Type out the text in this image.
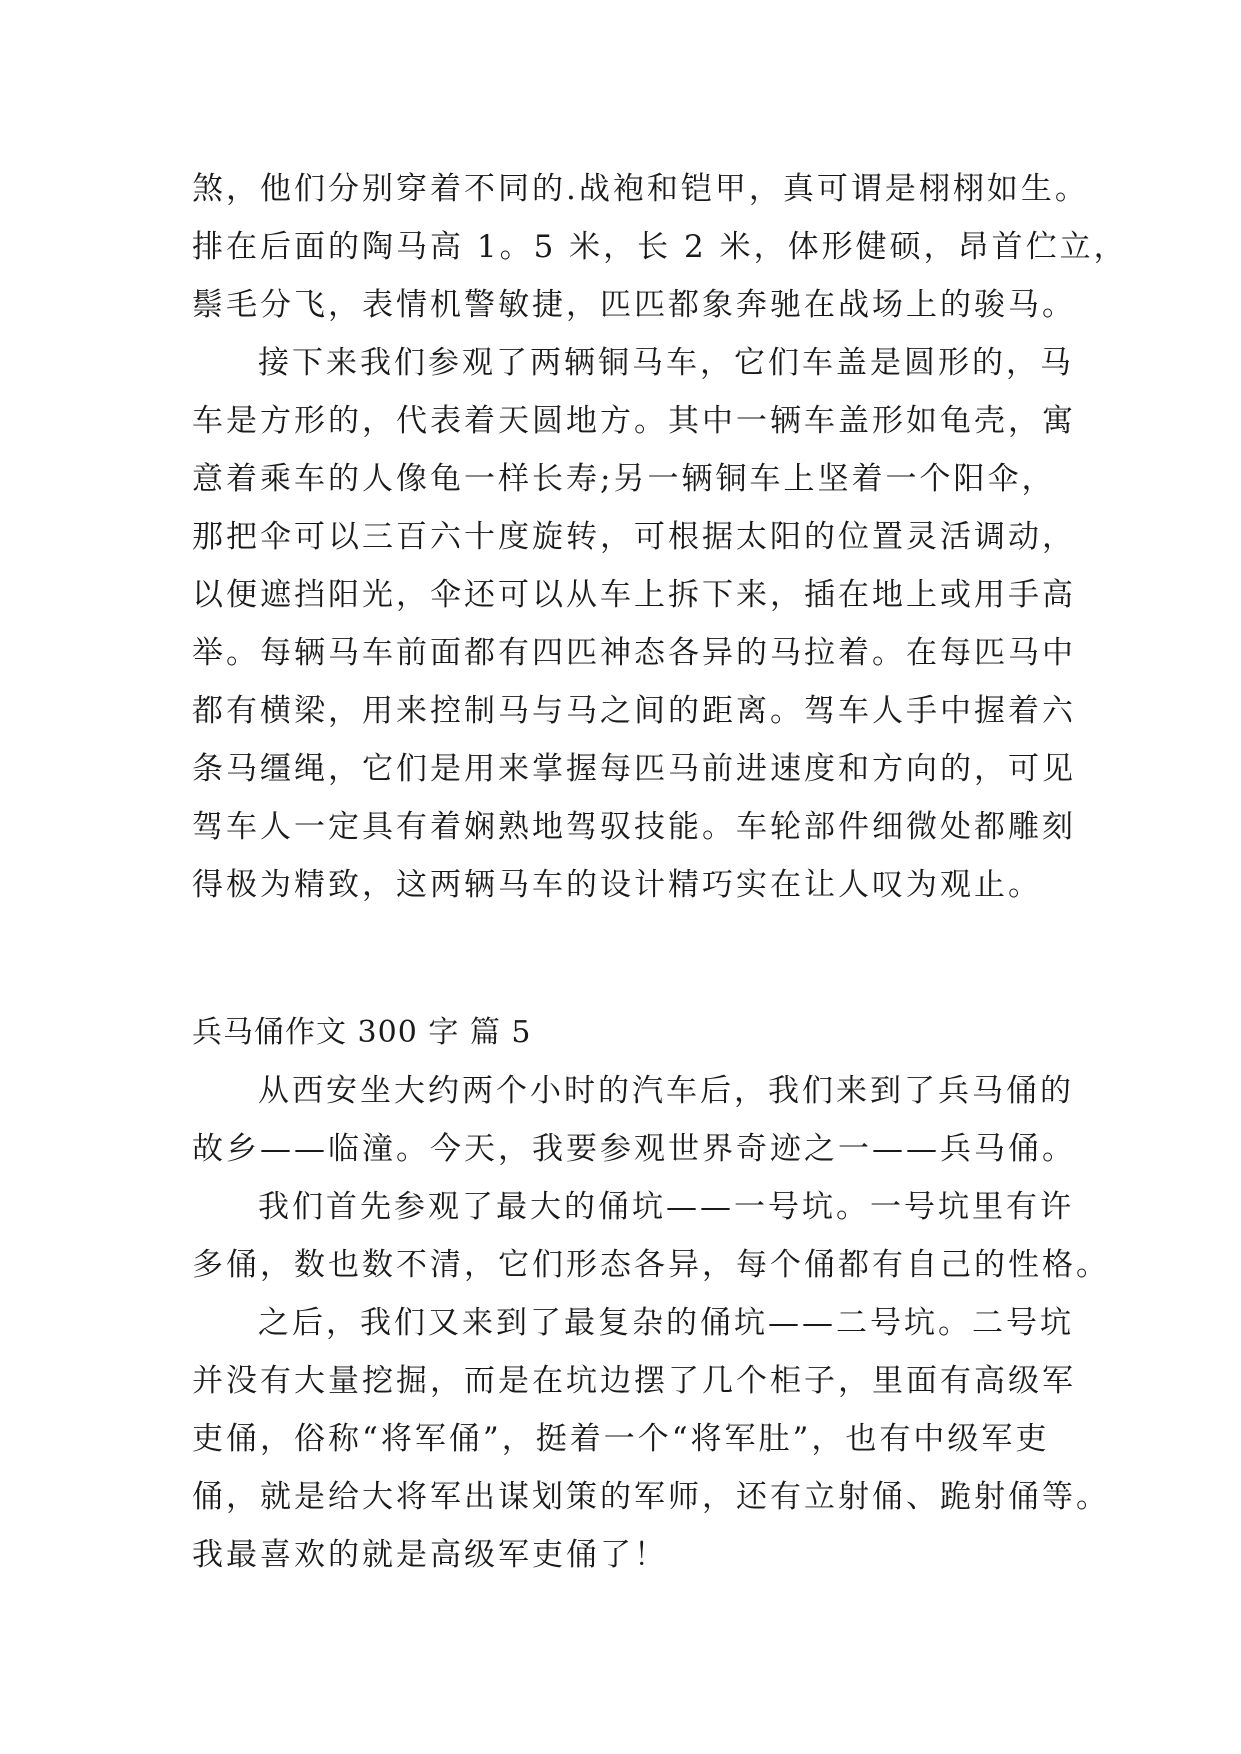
煞，他们分别穿着不同的.战袍和铠甲，真可谓是栩栩如生。
排在后面的陶马高 1。5 米，长 2 米，体形健硕，昂首伫立，
鬃毛分飞，表情机警敏捷，匹匹都象奔驰在战场上的骏马。
接下来我们参观了两辆铜马车，它们车盖是圆形的，马
车是方形的，代表着天圆地方。其中一辆车盖形如龟壳，寓
意着乘车的人像龟一样长寿;另一辆铜车上坚着一个阳伞，
那把伞可以三百六十度旋转，可根据太阳的位置灵活调动，
以便遮挡阳光，伞还可以从车上拆下来，插在地上或用手高
举。每辆马车前面都有四匹神态各异的马拉着。在每匹马中
都有横梁，用来控制马与马之间的距离。驾车人手中握着六
条马缰绳，它们是用来掌握每匹马前进速度和方向的，可见
驾车人一定具有着娴熟地驾驭技能。车轮部件细微处都雕刻
得极为精致，这两辆马车的设计精巧实在让人叹为观止。
兵马俑作文 300 字 篇 5
从西安坐大约两个小时的汽车后，我们来到了兵马俑的
故乡——临潼。今天，我要参观世界奇迹之一——兵马俑。
我们首先参观了最大的俑坑——一号坑。一号坑里有许
多俑，数也数不清，它们形态各异，每个俑都有自己的性格。
之后，我们又来到了最复杂的俑坑——二号坑。二号坑
并没有大量挖掘，而是在坑边摆了几个柜子，里面有高级军
吏俑，俗称“将军俑”，挺着一个“将军肚”，也有中级军吏
俑，就是给大将军出谋划策的军师，还有立射俑、跪射俑等。
我最喜欢的就是高级军吏俑了！
